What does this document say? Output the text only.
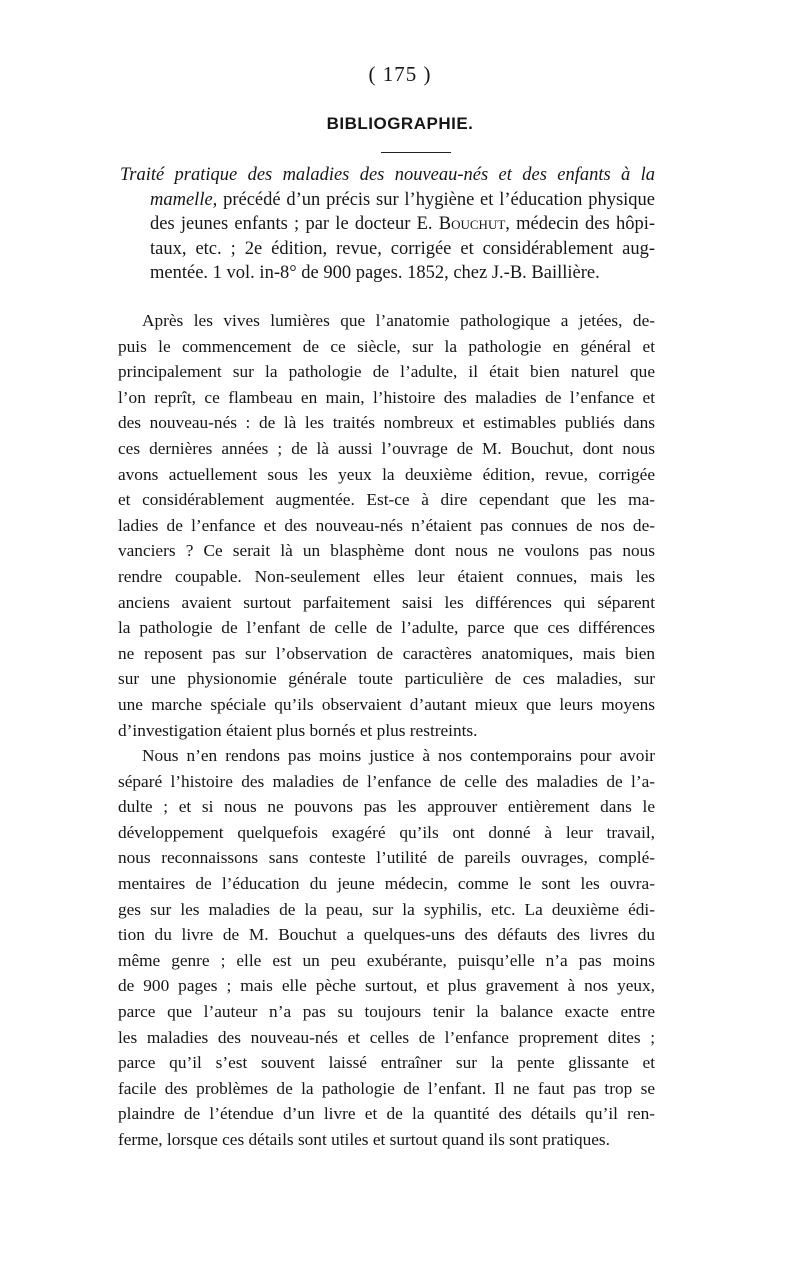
( 175 )
BIBLIOGRAPHIE.
Traité pratique des maladies des nouveau-nés et des enfants à la
mamelle, précédé d’un précis sur l’hygiène et l’éducation physique
des jeunes enfants ; par le docteur E. Bouchut, médecin des hôpi-
taux, etc. ; 2e édition, revue, corrigée et considérablement aug-
mentée. 1 vol. in-8° de 900 pages. 1852, chez J.-B. Baillière.

Après les vives lumières que l’anatomie pathologique a jetées, de-
puis le commencement de ce siècle, sur la pathologie en général et
principalement sur la pathologie de l’adulte, il était bien naturel que
l’on reprît, ce flambeau en main, l’histoire des maladies de l’enfance et
des nouveau-nés : de là les traités nombreux et estimables publiés dans
ces dernières années ; de là aussi l’ouvrage de M. Bouchut, dont nous
avons actuellement sous les yeux la deuxième édition, revue, corrigée
et considérablement augmentée. Est-ce à dire cependant que les ma-
ladies de l’enfance et des nouveau-nés n’étaient pas connues de nos de-
vanciers ? Ce serait là un blasphème dont nous ne voulons pas nous
rendre coupable. Non-seulement elles leur étaient connues, mais les
anciens avaient surtout parfaitement saisi les différences qui séparent
la pathologie de l’enfant de celle de l’adulte, parce que ces différences
ne reposent pas sur l’observation de caractères anatomiques, mais bien
sur une physionomie générale toute particulière de ces maladies, sur
une marche spéciale qu’ils observaient d’autant mieux que leurs moyens
d’investigation étaient plus bornés et plus restreints.

Nous n’en rendons pas moins justice à nos contemporains pour avoir
séparé l’histoire des maladies de l’enfance de celle des maladies de l’a-
dulte ; et si nous ne pouvons pas les approuver entièrement dans le
développement quelquefois exagéré qu’ils ont donné à leur travail,
nous reconnaissons sans conteste l’utilité de pareils ouvrages, complé-
mentaires de l’éducation du jeune médecin, comme le sont les ouvra-
ges sur les maladies de la peau, sur la syphilis, etc. La deuxième édi-
tion du livre de M. Bouchut a quelques-uns des défauts des livres du
même genre ; elle est un peu exubérante, puisqu’elle n’a pas moins
de 900 pages ; mais elle pèche surtout, et plus gravement à nos yeux,
parce que l’auteur n’a pas su toujours tenir la balance exacte entre
les maladies des nouveau-nés et celles de l’enfance proprement dites ;
parce qu’il s’est souvent laissé entraîner sur la pente glissante et
facile des problèmes de la pathologie de l’enfant. Il ne faut pas trop se
plaindre de l’étendue d’un livre et de la quantité des détails qu’il ren-
ferme, lorsque ces détails sont utiles et surtout quand ils sont pratiques.
